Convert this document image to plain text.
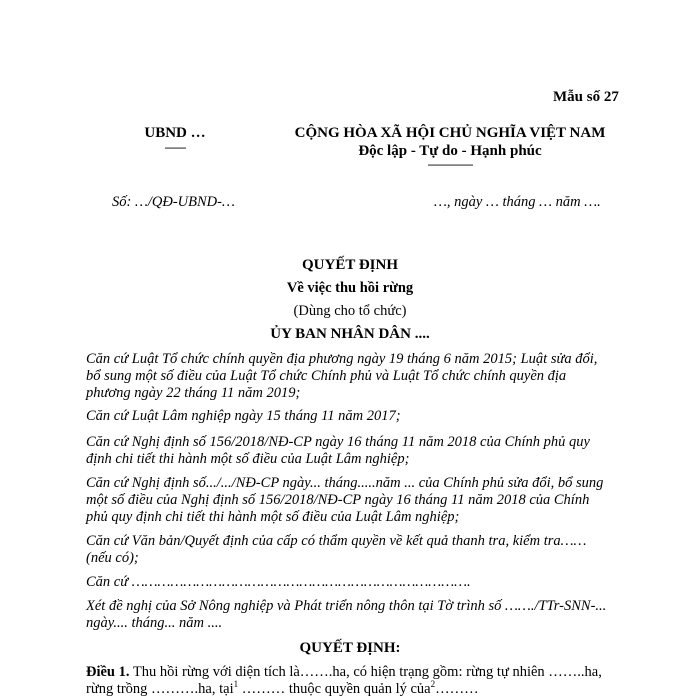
Mẫu số 27
UBND …
-------
CỘNG HÒA XÃ HỘI CHỦ NGHĨA VIỆT NAM
Độc lập - Tự do - Hạnh phúc
---------------
Số: …/QĐ-UBND-…	…, ngày … tháng … năm ….
QUYẾT ĐỊNH
Về việc thu hồi rừng
(Dùng cho tổ chức)
ỦY BAN NHÂN DÂN ....
Căn cứ Luật Tổ chức chính quyền địa phương ngày 19 tháng 6 năm 2015; Luật sửa đổi,
bổ sung một số điều của Luật Tổ chức Chính phủ và Luật Tổ chức chính quyền địa
phương ngày 22 tháng 11 năm 2019;
Căn cứ Luật Lâm nghiệp ngày 15 tháng 11 năm 2017;
Căn cứ Nghị định số 156/2018/NĐ-CP ngày 16 tháng 11 năm 2018 của Chính phủ quy
định chi tiết thi hành một số điều của Luật Lâm nghiệp;
Căn cứ Nghị định số.../.../NĐ-CP ngày... tháng.....năm ... của Chính phủ sửa đổi, bổ sung
một số điều của Nghị định số 156/2018/NĐ-CP ngày 16 tháng 11 năm 2018 của Chính
phủ quy định chi tiết thi hành một số điều của Luật Lâm nghiệp;
Căn cứ Văn bản/Quyết định của cấp có thẩm quyền về kết quả thanh tra, kiểm tra……
(nếu có);
Căn cứ …………………………………………………………………….
Xét đề nghị của Sở Nông nghiệp và Phát triển nông thôn tại Tờ trình số ……./TTr-SNN-...
ngày.... tháng... năm ....
QUYẾT ĐỊNH:
Điều 1. Thu hồi rừng với diện tích là…….ha, có hiện trạng gồm: rừng tự nhiên ……..ha,
rừng trồng ……….ha, tại$^1$ ……… thuộc quyền quản lý của$^2$………
